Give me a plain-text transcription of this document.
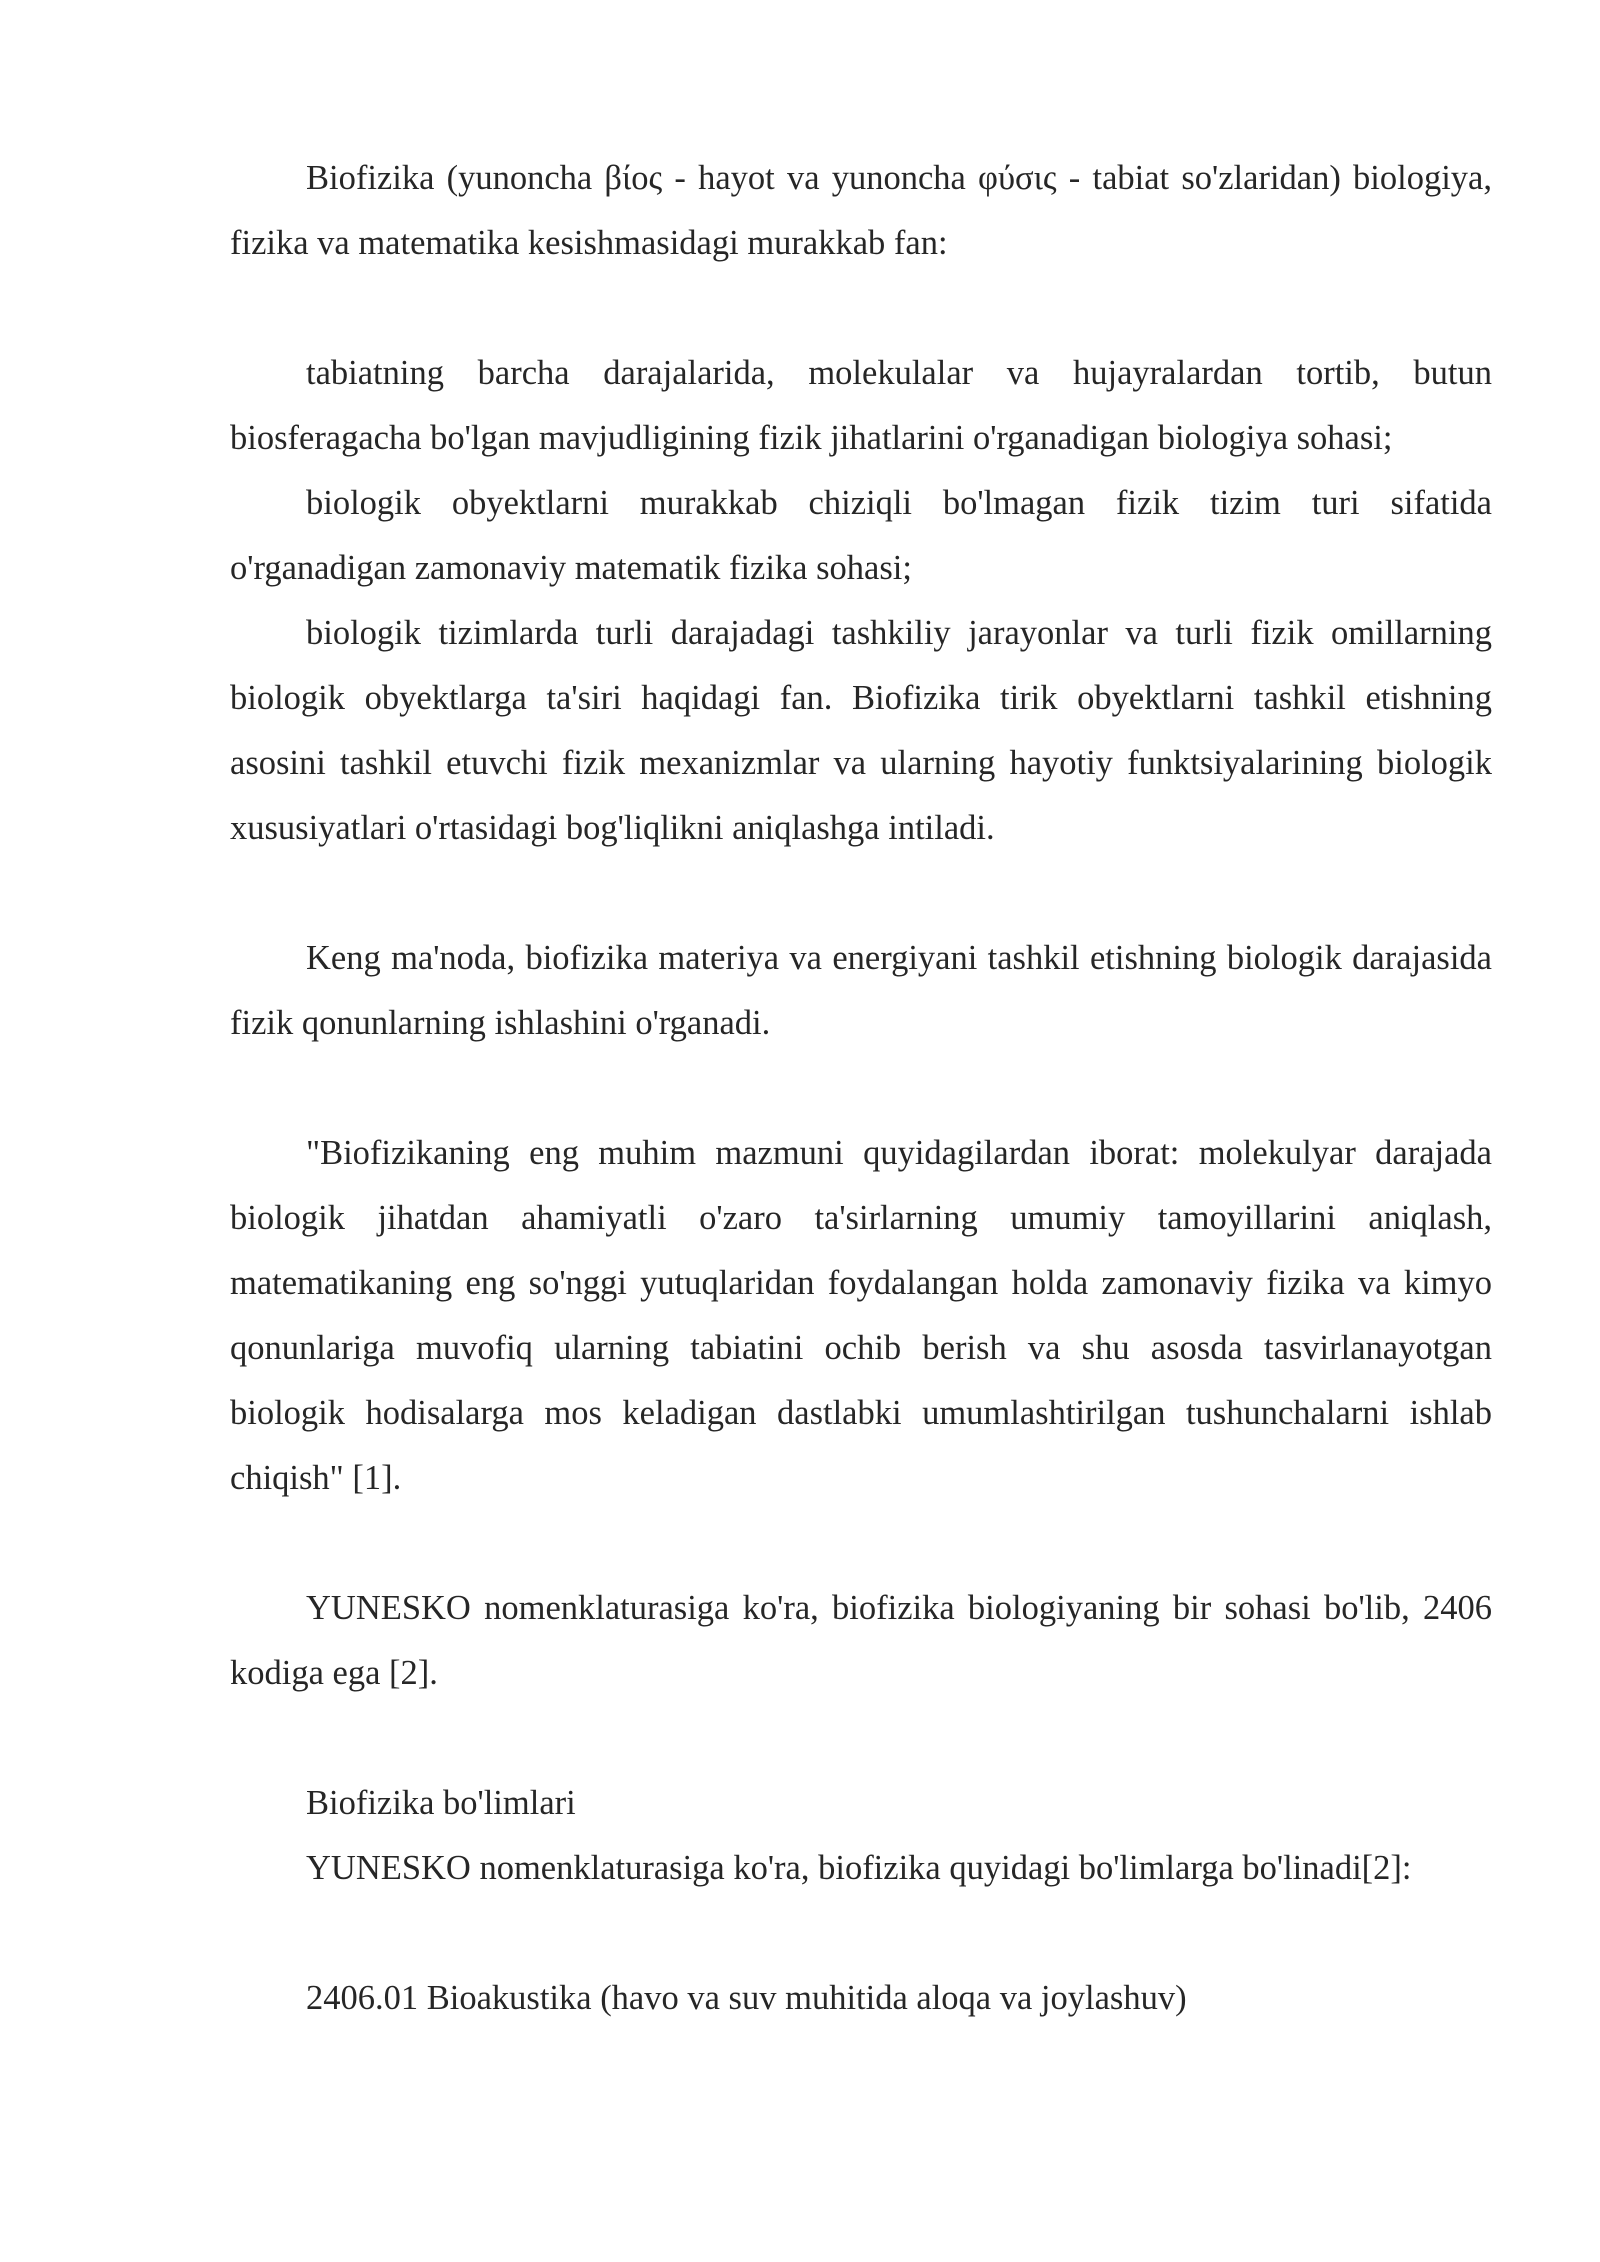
Biofizika (yunoncha βίος - hayot va yunoncha φύσις - tabiat so'zlaridan) biologiya, fizika va matematika kesishmasidagi murakkab fan:

tabiatning barcha darajalarida, molekulalar va hujayralardan tortib, butun biosferagacha bo'lgan mavjudligining fizik jihatlarini o'rganadigan biologiya sohasi;

biologik obyektlarni murakkab chiziqli bo'lmagan fizik tizim turi sifatida o'rganadigan zamonaviy matematik fizika sohasi;

biologik tizimlarda turli darajadagi tashkiliy jarayonlar va turli fizik omillarning biologik obyektlarga ta'siri haqidagi fan. Biofizika tirik obyektlarni tashkil etishning asosini tashkil etuvchi fizik mexanizmlar va ularning hayotiy funktsiyalarining biologik xususiyatlari o'rtasidagi bog'liqlikni aniqlashga intiladi.

Keng ma'noda, biofizika materiya va energiyani tashkil etishning biologik darajasida fizik qonunlarning ishlashini o'rganadi.

"Biofizikaning eng muhim mazmuni quyidagilardan iborat: molekulyar darajada biologik jihatdan ahamiyatli o'zaro ta'sirlarning umumiy tamoyillarini aniqlash, matematikaning eng so'nggi yutuqlaridan foydalangan holda zamonaviy fizika va kimyo qonunlariga muvofiq ularning tabiatini ochib berish va shu asosda tasvirlanayotgan biologik hodisalarga mos keladigan dastlabki umumlashtirilgan tushunchalarni ishlab chiqish" [1].

YUNESKO nomenklaturasiga ko'ra, biofizika biologiyaning bir sohasi bo'lib, 2406 kodiga ega [2].

Biofizika bo'limlari

YUNESKO nomenklaturasiga ko'ra, biofizika quyidagi bo'limlarga bo'linadi[2]:

2406.01 Bioakustika (havo va suv muhitida aloqa va joylashuv)
